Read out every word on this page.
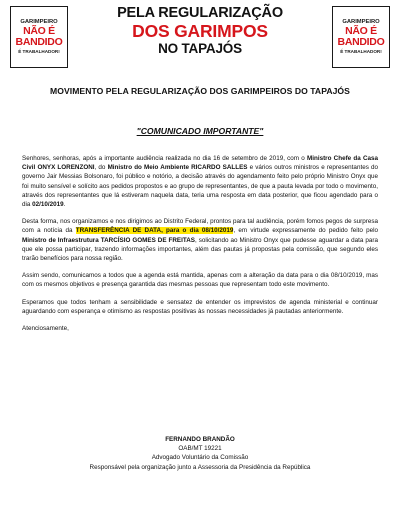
GARIMPEIRO
NÃO É
BANDIDO
É TRABALHADOR!
PELA REGULARIZAÇÃO
DOS GARIMPOS
NO TAPAJÓS
GARIMPEIRO
NÃO É
BANDIDO
É TRABALHADOR!
MOVIMENTO PELA REGULARIZAÇÃO DOS GARIMPEIROS DO TAPAJÓS
"COMUNICADO IMPORTANTE"

Senhores, senhoras, após a importante audiência realizada no dia 16 de setembro de 2019, com o Ministro Chefe da Casa Civil ONYX LORENZONI, do Ministro do Meio Ambiente RICARDO SALLES e vários outros ministros e representantes do governo Jair Messias Bolsonaro, foi público e notório, a decisão através do agendamento feito pelo próprio Ministro Onyx que foi muito sensível e solícito aos pedidos propostos e ao grupo de representantes, de que a pauta levada por todo o movimento, através dos representantes que lá estiveram naquela data, teria uma resposta em data posterior, que ficou agendado para o dia 02/10/2019.

Desta forma, nos organizamos e nos dirigimos ao Distrito Federal, prontos para tal audiência, porém fomos pegos de surpresa com a notícia da TRANSFERÊNCIA DE DATA, para o dia 08/10/2019, em virtude expressamente do pedido feito pelo Ministro de Infraestrutura TARCÍSIO GOMES DE FREITAS, solicitando ao Ministro Onyx que pudesse aguardar a data para que ele possa participar, trazendo informações importantes, além das pautas já propostas pela comissão, que segundo eles trarão benefícios para nossa região.

Assim sendo, comunicamos a todos que a agenda está mantida, apenas com a alteração da data para o dia 08/10/2019, mas com os mesmos objetivos e presença garantida das mesmas pessoas que representam todo este movimento.

Esperamos que todos tenham a sensibilidade e sensatez de entender os imprevistos de agenda ministerial e continuar aguardando com esperança e otimismo as respostas positivas às nossas necessidades já pautadas anteriormente.

Atenciosamente,

FERNANDO BRANDÃO
OAB/MT 19221
Advogado Voluntário da Comissão
Responsável pela organização junto a Assessoria da Presidência da República
